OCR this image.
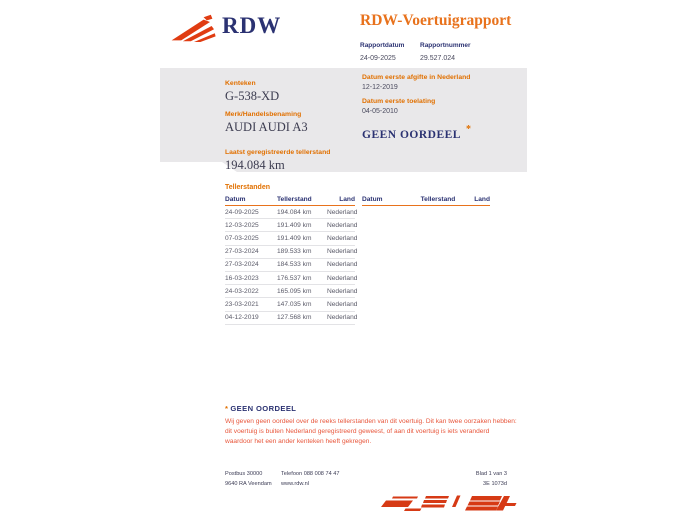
RDW	RDW-Voertuigrapport
Rapportdatum
24-09-2025
Rapportnummer
29.527.024
Kenteken
G-538-XD
Merk/Handelsbenaming
AUDI AUDI A3
Laatst geregistreerde tellerstand
194.084 km
Datum eerste afgifte in Nederland
12-12-2019
Datum eerste toelating
04-05-2010
GEEN OORDEEL *
Tellerstanden
Datum	Tellerstand	Land
24-09-2025	194.084 km	Nederland
12-03-2025	191.409 km	Nederland
07-03-2025	191.409 km	Nederland
27-03-2024	189.533 km	Nederland
27-03-2024	184.533 km	Nederland
16-03-2023	176.537 km	Nederland
24-03-2022	165.095 km	Nederland
23-03-2021	147.035 km	Nederland
04-12-2019	127.568 km	Nederland

Datum	Tellerstand	Land
* GEEN OORDEEL
Wij geven geen oordeel over de reeks tellerstanden van dit voertuig. Dit kan twee oorzaken hebben: dit voertuig is buiten Nederland geregistreerd geweest, of aan dit voertuig is iets veranderd waardoor het een ander kenteken heeft gekregen.
Postbus 30000
9640 RA Veendam
Telefoon 088 008 74 47
www.rdw.nl
Blad 1 van 3
3E 1073d
